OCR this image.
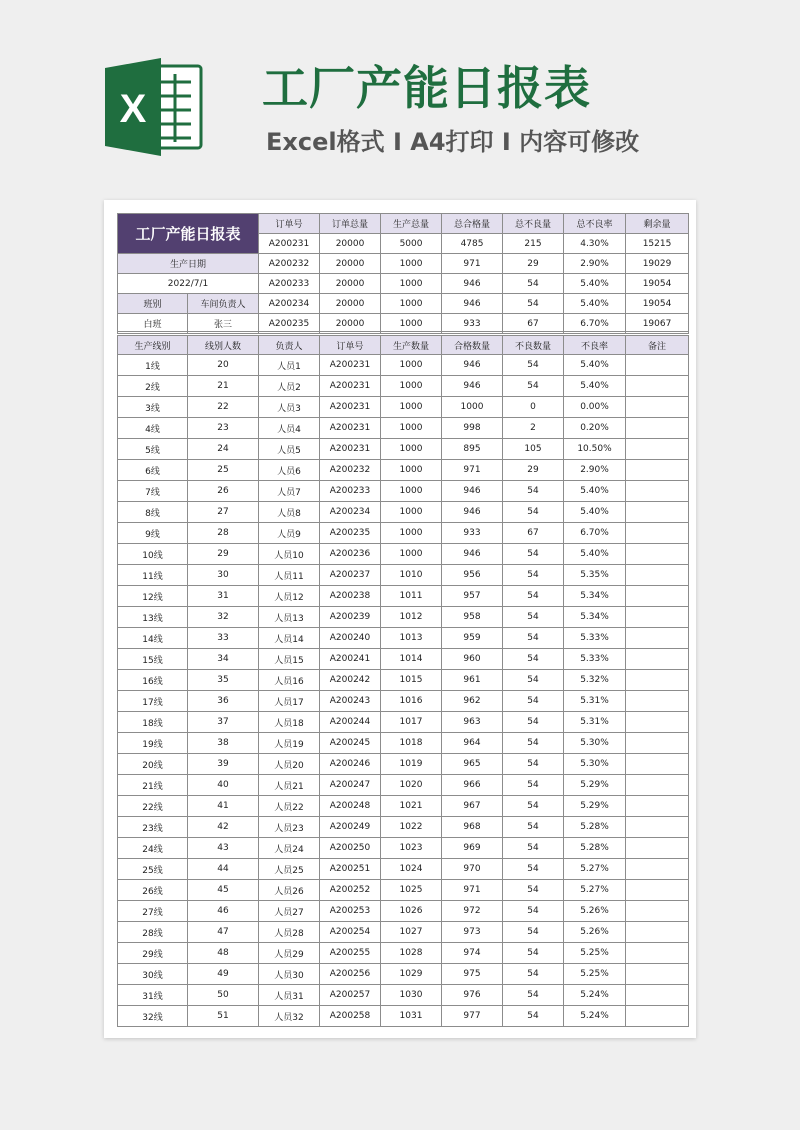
X	工厂产能日报表
Excel格式 I A4打印 I 内容可修改
工厂产能日报表		订单号	订单总量	生产总量	总合格量	总不良量	总不良率	剩余量
		A200231	20000	5000	4785	215	4.30%	15215
生产日期		A200232	20000	1000	971	29	2.90%	19029
2022/7/1		A200233	20000	1000	946	54	5.40%	19054
班别	车间负责人	A200234	20000	1000	946	54	5.40%	19054
白班	张三	A200235	20000	1000	933	67	6.70%	19067
生产线别	线别人数	负责人	订单号	生产数量	合格数量	不良数量	不良率	备注
1线	20	人员1	A200231	1000	946	54	5.40%	
2线	21	人员2	A200231	1000	946	54	5.40%	
3线	22	人员3	A200231	1000	1000	0	0.00%	
4线	23	人员4	A200231	1000	998	2	0.20%	
5线	24	人员5	A200231	1000	895	105	10.50%	
6线	25	人员6	A200232	1000	971	29	2.90%	
7线	26	人员7	A200233	1000	946	54	5.40%	
8线	27	人员8	A200234	1000	946	54	5.40%	
9线	28	人员9	A200235	1000	933	67	6.70%	
10线	29	人员10	A200236	1000	946	54	5.40%	
11线	30	人员11	A200237	1010	956	54	5.35%	
12线	31	人员12	A200238	1011	957	54	5.34%	
13线	32	人员13	A200239	1012	958	54	5.34%	
14线	33	人员14	A200240	1013	959	54	5.33%	
15线	34	人员15	A200241	1014	960	54	5.33%	
16线	35	人员16	A200242	1015	961	54	5.32%	
17线	36	人员17	A200243	1016	962	54	5.31%	
18线	37	人员18	A200244	1017	963	54	5.31%	
19线	38	人员19	A200245	1018	964	54	5.30%	
20线	39	人员20	A200246	1019	965	54	5.30%	
21线	40	人员21	A200247	1020	966	54	5.29%	
22线	41	人员22	A200248	1021	967	54	5.29%	
23线	42	人员23	A200249	1022	968	54	5.28%	
24线	43	人员24	A200250	1023	969	54	5.28%	
25线	44	人员25	A200251	1024	970	54	5.27%	
26线	45	人员26	A200252	1025	971	54	5.27%	
27线	46	人员27	A200253	1026	972	54	5.26%	
28线	47	人员28	A200254	1027	973	54	5.26%	
29线	48	人员29	A200255	1028	974	54	5.25%	
30线	49	人员30	A200256	1029	975	54	5.25%	
31线	50	人员31	A200257	1030	976	54	5.24%	
32线	51	人员32	A200258	1031	977	54	5.24%	
